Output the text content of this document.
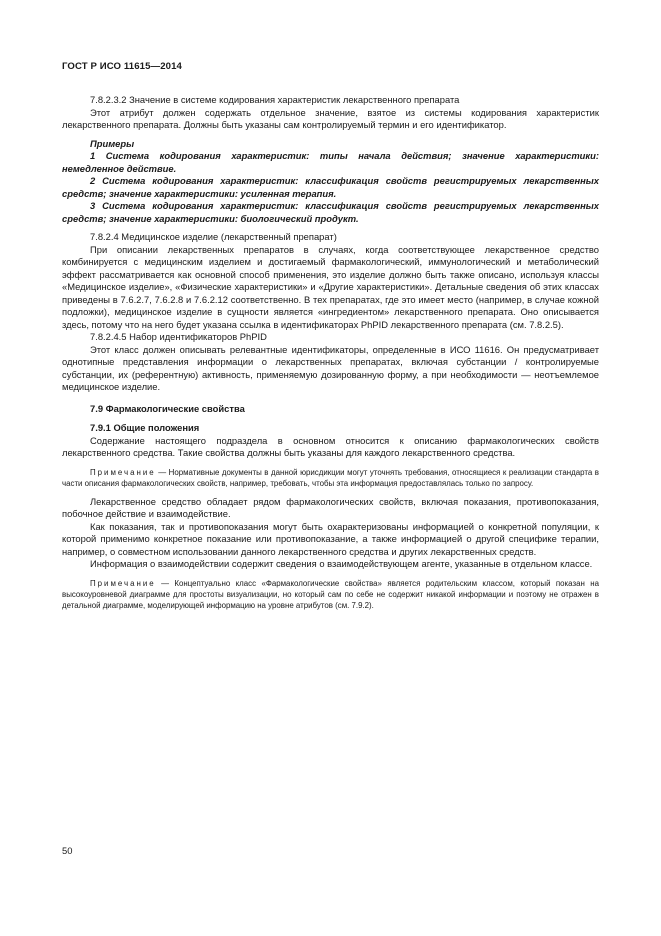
ГОСТ Р ИСО 11615—2014

7.8.2.3.2 Значение в системе кодирования характеристик лекарственного препарата

Этот атрибут должен содержать отдельное значение, взятое из системы кодирования характеристик лекарственного препарата. Должны быть указаны сам контролируемый термин и его идентификатор.

Примеры

1 Система кодирования характеристик: типы начала действия; значение характеристики: немедленное действие.

2 Система кодирования характеристик: классификация свойств регистрируемых лекарственных средств; значение характеристики: усиленная терапия.

3 Система кодирования характеристик: классификация свойств регистрируемых лекарственных средств; значение характеристики: биологический продукт.

7.8.2.4 Медицинское изделие (лекарственный препарат)

При описании лекарственных препаратов в случаях, когда соответствующее лекарственное средство комбинируется с медицинским изделием и достигаемый фармакологический, иммунологический и метаболический эффект рассматривается как основной способ применения, это изделие должно быть также описано, используя классы «Медицинское изделие», «Физические характеристики» и «Другие характеристики». Детальные сведения об этих классах приведены в 7.6.2.7, 7.6.2.8 и 7.6.2.12 соответственно. В тех препаратах, где это имеет место (например, в случае кожной подложки), медицинское изделие в сущности является «ингредиентом» лекарственного препарата. Оно описывается здесь, потому что на него будет указана ссылка в идентификаторах PhPID лекарственного препарата (см. 7.8.2.5).

7.8.2.4.5 Набор идентификаторов PhPID

Этот класс должен описывать релевантные идентификаторы, определенные в ИСО 11616. Он предусматривает однотипные представления информации о лекарственных препаратах, включая субстанции / контролируемые субстанции, их (референтную) активность, применяемую дозированную форму, а при необходимости — неотъемлемое медицинское изделие.

7.9 Фармакологические свойства

7.9.1 Общие положения

Содержание настоящего подраздела в основном относится к описанию фармакологических свойств лекарственного средства. Такие свойства должны быть указаны для каждого лекарственного средства.

Примечание — Нормативные документы в данной юрисдикции могут уточнять требования, относящиеся к реализации стандарта в части описания фармакологических свойств, например, требовать, чтобы эта информация предоставлялась только по запросу.

Лекарственное средство обладает рядом фармакологических свойств, включая показания, противопоказания, побочное действие и взаимодействие.

Как показания, так и противопоказания могут быть охарактеризованы информацией о конкретной популяции, к которой применимо конкретное показание или противопоказание, а также информацией о другой специфике терапии, например, о совместном использовании данного лекарственного средства и других лекарственных средств.

Информация о взаимодействии содержит сведения о взаимодействующем агенте, указанные в отдельном классе.

Примечание — Концептуально класс «Фармакологические свойства» является родительским классом, который показан на высокоуровневой диаграмме для простоты визуализации, но который сам по себе не содержит никакой информации и поэтому не отражен в детальной диаграмме, моделирующей информацию на уровне атрибутов (см. 7.9.2).

50
